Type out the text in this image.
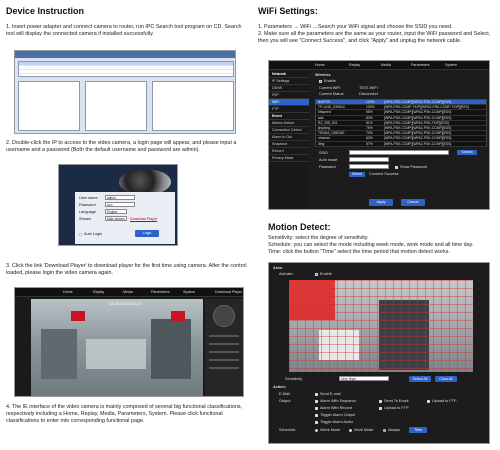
Device Instruction
1. Insert power adapter and connect camera to router, run IPC Search tool program on CD. Search tool will display the connected camera if installed successfully.
2. Double-click the IP to access to the video camera, a login page will appear, and please input a username and a password (Both the default username and password are admin).
User name	admin
Password	•••••
Language	English
Stream	Main stream	Download Player
Auto Login	Login
3. Click the link 'Download Player' to download player for the first time using camera. After the control loaded, please login the video camera again.
Home	Replay	Media	Parameters	System	Download Player
12-08-16 09:21:27
4. The IE interface of the video camera is mainly composed of several big functional classifications, respectively including a Home, Replay, Media, Parameters, System. Please click functional classifications to enter into corresponding functional page.
WiFi Settings:
1. Parameters → WiFi →Search your WiFi signal and choose the SSID you need.
2. Make sure all the parameters are the same as your router, input the WiFi password and Select, then you will see "Connect Success", and click "Apply" and unplug the network cable.
Home	Replay	Media	Parameters	System
Network
IP Settings
DDNS
P2P
WiFi
FTP
Event
Motion Detect
Connection Detect
Alarm In Out
Snapshot
Record
Privacy Mask
Wireless
Enable
Current WiFi	TEST-WIFI
Current Status	Disconnect
linkPOS	100%	[WPA-PSK-CCMP][WPA2-PSK-CCMP][ESS]
TP-LINK_C9061C	100%	[WPA-PSK-CCMP-TKIP][WPA2-PSK-CCMP-TKIP][ESS]
bitspeed	95%	[WPA-PSK-CCMP][WPA2-PSK-CCMP][ESS]
ads	83%	[WPA-PSK-CCMP][WPA2-PSK-CCMP][ESS]
R2_258_001	81%	[WPA-PSK-CCMP][WPA2-PSK-TKIP][ESS]
jinyixing	76%	[WPA-PSK-CCMP][WPA2-PSK-CCMP][ESS]
TENDA_G8E2AE	70%	[WPA-PSK-CCMP][WPA2-PSK-CCMP][ESS]
nhamzs	63%	[WPA-PSK-CCMP][WPA2-PSK-CCMP][ESS]
ding	57%	[WPA-PSK-CCMP][WPA2-PSK-CCMP][ESS]
SSID	Search
Auth mode
Password	Show Password
Select	Connect Success
Apply	Cancel
Motion Detect:
Sensitivity: select the degree of sensitivity.
Schedule: you can select the mode including week mode, work mode and all time day.
Time: click the button "Time" select the time period that motion detect works.
Area:
Activate:	Enable
Sensitivity	Very High	Select All	Clear All
Action:
E-Mail	Send E-mail
Output	Alarm With Snapshot	Send To Email	Upload to FTP
Alarm With Record	Upload to FTP
Trigger Alarm Output
Trigger Alarm Audio
Schedule:	Week Mode	Work Mode	Always	Time
